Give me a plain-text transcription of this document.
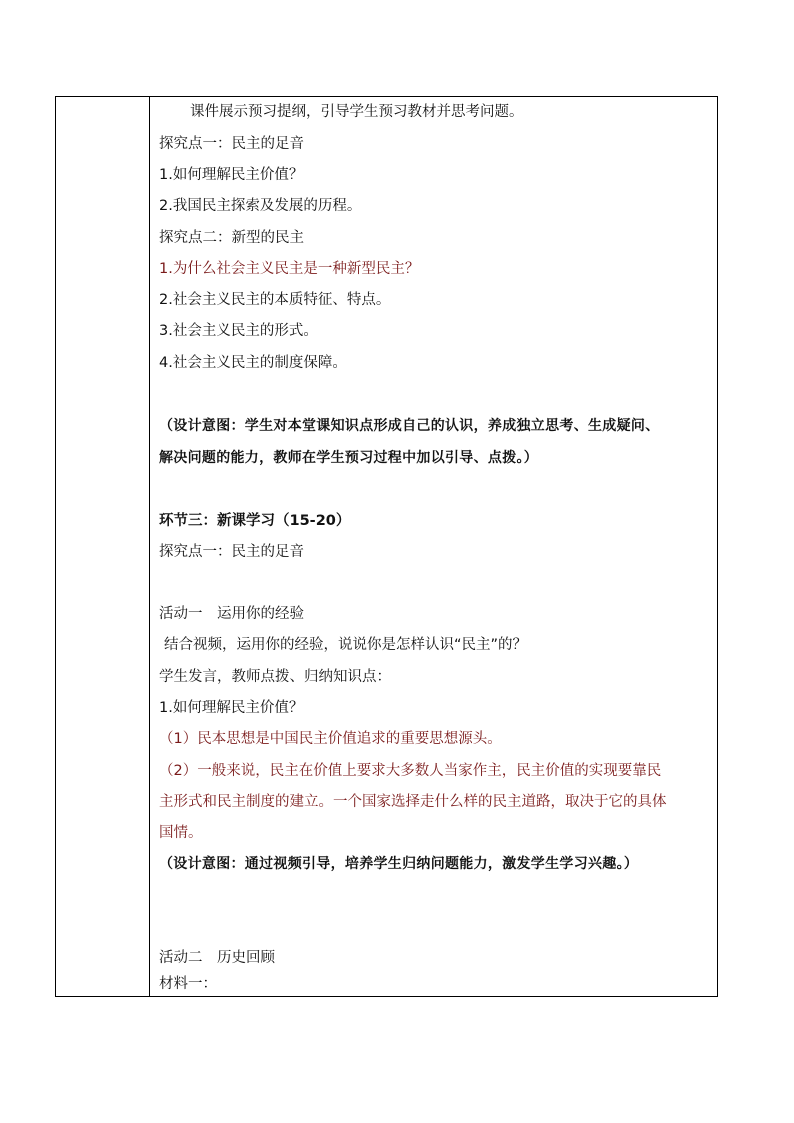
课件展示预习提纲，引导学生预习教材并思考问题。
探究点一：民主的足音
1.如何理解民主价值？
2.我国民主探索及发展的历程。
探究点二：新型的民主
1.为什么社会主义民主是一种新型民主？
2.社会主义民主的本质特征、特点。
3.社会主义民主的形式。
4.社会主义民主的制度保障。
（设计意图：学生对本堂课知识点形成自己的认识，养成独立思考、生成疑问、
解决问题的能力，教师在学生预习过程中加以引导、点拨。）
环节三：新课学习（15-20）
探究点一：民主的足音
活动一　运用你的经验
结合视频，运用你的经验，说说你是怎样认识“民主”的？
学生发言，教师点拨、归纳知识点：
1.如何理解民主价值？
（1）民本思想是中国民主价值追求的重要思想源头。
（2）一般来说，民主在价值上要求大多数人当家作主，民主价值的实现要靠民
主形式和民主制度的建立。一个国家选择走什么样的民主道路，取决于它的具体
国情。
（设计意图：通过视频引导，培养学生归纳问题能力，激发学生学习兴趣。）
活动二　历史回顾
材料一：
